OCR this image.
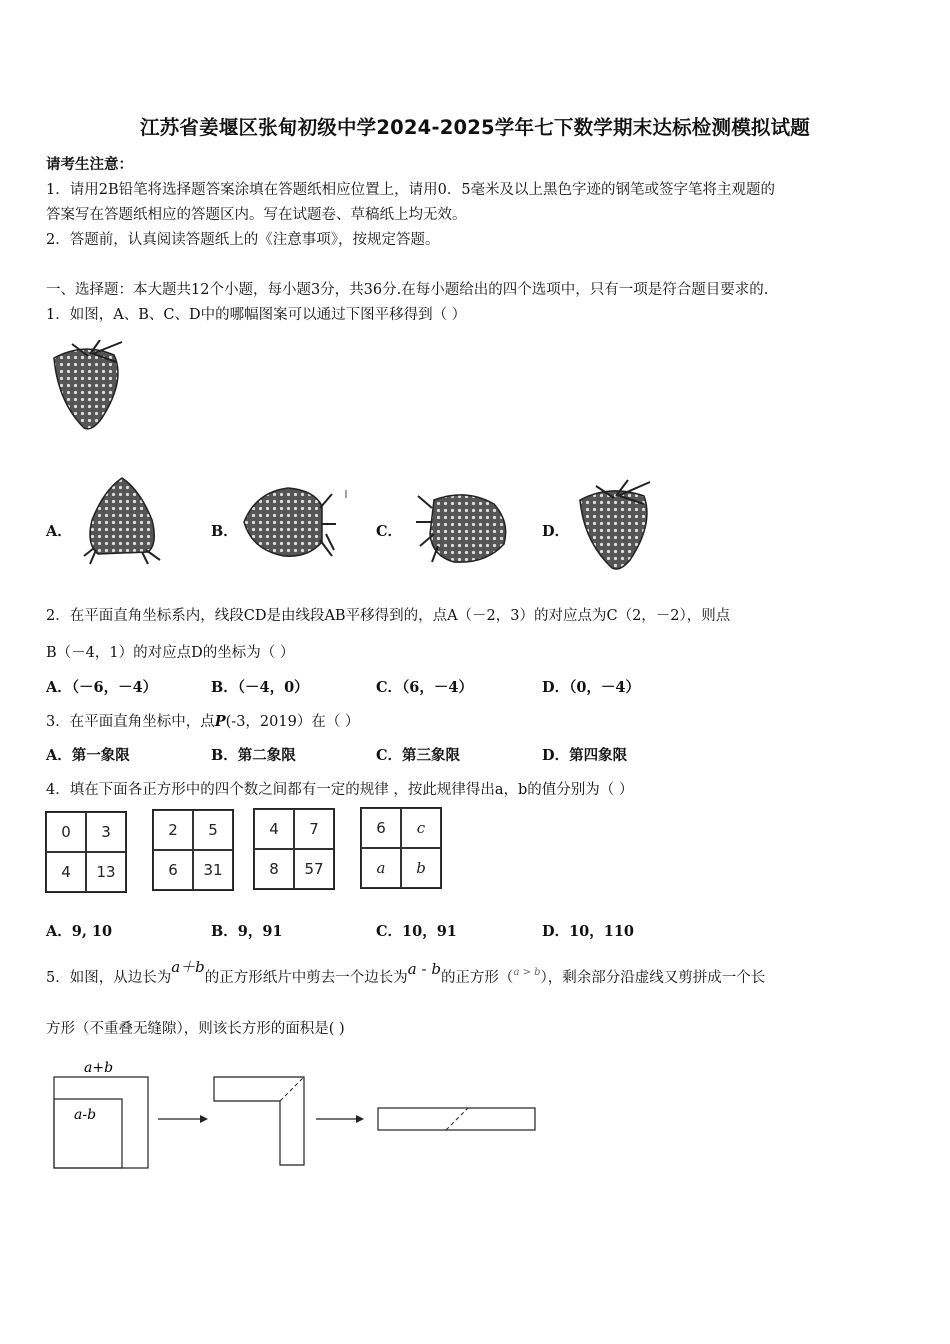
江苏省姜堰区张甸初级中学2024-2025学年七下数学期末达标检测模拟试题
请考生注意：
1．请用2B铅笔将选择题答案涂填在答题纸相应位置上，请用0．5毫米及以上黑色字迹的钢笔或签字笔将主观题的
答案写在答题纸相应的答题区内。写在试题卷、草稿纸上均无效。
2．答题前，认真阅读答题纸上的《注意事项》，按规定答题。
一、选择题：本大题共12个小题，每小题3分，共36分.在每小题给出的四个选项中，只有一项是符合题目要求的.
1．如图，A、B、C、D中的哪幅图案可以通过下图平移得到（ ）
A．	B．	C．	D．
2．在平面直角坐标系内，线段CD是由线段AB平移得到的，点A（－2，3）的对应点为C（2，－2），则点
B（－4，1）的对应点D的坐标为（ ）
A．（－6，－4）	B．（－4，0）	C．（6，－4）	D．（0，－4）
3．在平面直角坐标中，点P(-3，2019）在（ ）
A．第一象限	B．第二象限	C．第三象限	D．第四象限
4．填在下面各正方形中的四个数之间都有一定的规律 ，按此规律得出a，b的值分别为（ ）
0	3
4	13
2	5
6	31
4	7
8	57
6	c
a	b
A．9, 10	B．9，91	C．10，91	D．10，110
5．如图，从边长为a＋b的正方形纸片中剪去一个边长为a - b的正方形（$^{a > b}$），剩余部分沿虚线又剪拼成一个长
方形（不重叠无缝隙），则该长方形的面积是( )
a+b
a-b
